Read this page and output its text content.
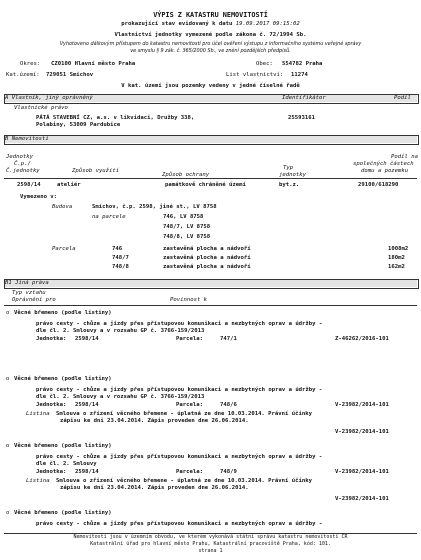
VÝPIS Z KATASTRU NEMOVITOSTÍ
prokazující stav evidovaný k datu 19.09.2017 09:15:02
Vlastnictví jednotky vymezené podle zákona č. 72/1994 Sb.
Vyhotoveno dálkovým přístupem do katastru nemovitostí pro účel ověření výstupu z informačního systému veřejné správy
ve smyslu § 9 zák. č. 365/2000 Sb., ve znění pozdějších předpisů.
Okres: CZ0100 Hlavní město Praha	Obec: 554782 Praha
Kat.území: 729051 Smíchov	List vlastnictví: 11274
V kat. území jsou pozemky vedeny v jedné číselné řadě
A Vlastník, jiný oprávněný	Identifikátor	Podíl
Vlastnické právo
PÁTÁ STAVEBNÍ CZ, a.s. v likvidaci, Družby 338,
Polabiny, 53009 Pardubice
25593161
B Nemovitosti
Jednotky
Č.p./
Č.jednotky	Způsob využití
Způsob ochrany
Typ
jednotky
Podíl na
společných částech
domu a pozemku
2598/14	ateliér	památkově chráněné území	byt.z.	29100/618290
Vymezeno v:
Budova	Smíchov, č.p. 2598, jiné st., LV 8758
na parcele	746, LV 8758
748/7, LV 8758
748/8, LV 8758
Parcela	746	zastavěná plocha a nádvoří	1008m2
748/7	zastavěná plocha a nádvoří	180m2
748/8	zastavěná plocha a nádvoří	162m2
B1 Jiná práva
Typ vztahu
Oprávnění pro	Povinnost k
o Věcné břemeno (podle listiny)
právo cesty - chůze a jízdy přes přístupovou komunikaci a nezbytných oprav a údržby -
dle čl. 2. Smlouvy a v rozsahu GP č. 3766-159/2013
Jednotka: 2598/14	Parcela:	747/1	Z-46262/2016-101
o Věcné břemeno (podle listiny)
právo cesty - chůze a jízdy přes přístupovou komunikaci a nezbytných oprav a údržby -
dle čl. 2. Smlouvy a v rozsahu GP č. 3766-159/2013
Jednotka: 2598/14	Parcela:	748/6	V-23982/2014-101
Listina Smlouva o zřízení věcného břemene - úplatná ze dne 10.03.2014. Právní účinky
zápisu ke dni 23.04.2014. Zápis proveden dne 26.06.2014.
V-23982/2014-101
o Věcné břemeno (podle listiny)
právo cesty - chůze a jízdy přes přístupovou komunikaci a nezbytných oprav a údržby -
dle čl. 2. Smlouvy
Jednotka: 2598/14	Parcela:	748/9	V-23982/2014-101
Listina Smlouva o zřízení věcného břemene - úplatná ze dne 10.03.2014. Právní účinky
zápisu ke dni 23.04.2014. Zápis proveden dne 26.06.2014.
V-23982/2014-101
o Věcné břemeno (podle listiny)
právo cesty - chůze a jízdy přes přístupovou komunikaci a nezbytných oprav a údržby -
Nemovitosti jsou v územním obvodu, ve kterém vykonává státní správu katastru nemovitostí ČR
Katastrální úřad pro hlavní město Prahu, Katastrální pracoviště Praha, kód: 101.
strana 1
